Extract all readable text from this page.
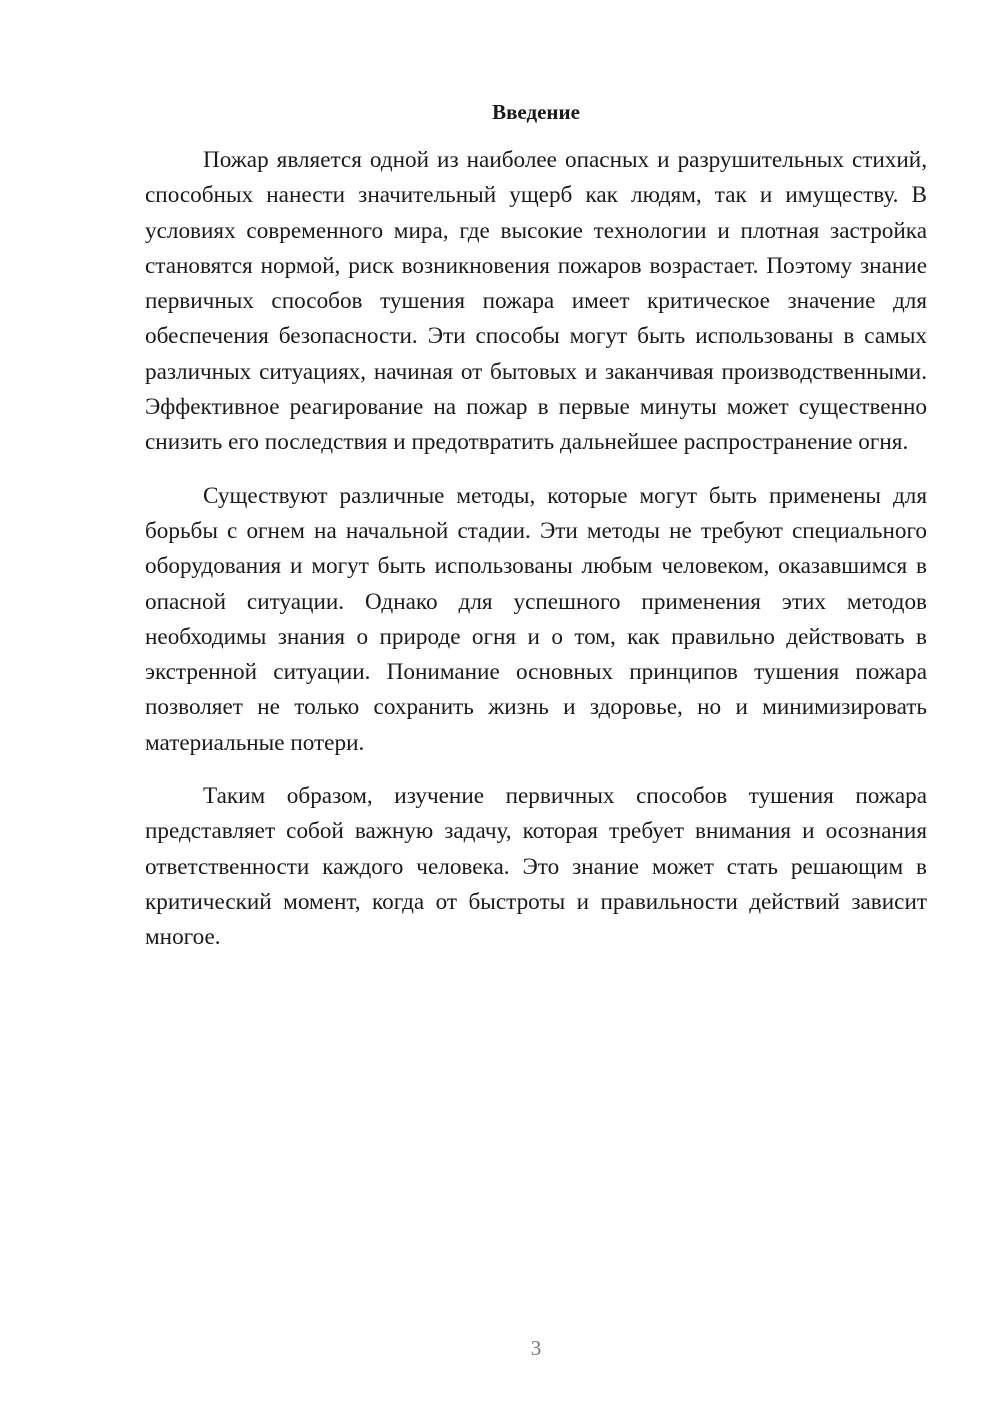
Введение

Пожар является одной из наиболее опасных и разрушительных стихий, способных нанести значительный ущерб как людям, так и имуществу. В условиях современного мира, где высокие технологии и плотная застройка становятся нормой, риск возникновения пожаров возрастает. Поэтому знание первичных способов тушения пожара имеет критическое значение для обеспечения безопасности. Эти способы могут быть использованы в самых различных ситуациях, начиная от бытовых и заканчивая производственными. Эффективное реагирование на пожар в первые минуты может существенно снизить его последствия и предотвратить дальнейшее распространение огня.

Существуют различные методы, которые могут быть применены для борьбы с огнем на начальной стадии. Эти методы не требуют специального оборудования и могут быть использованы любым человеком, оказавшимся в опасной ситуации. Однако для успешного применения этих методов необходимы знания о природе огня и о том, как правильно действовать в экстренной ситуации. Понимание основных принципов тушения пожара позволяет не только сохранить жизнь и здоровье, но и минимизировать материальные потери.

Таким образом, изучение первичных способов тушения пожара представляет собой важную задачу, которая требует внимания и осознания ответственности каждого человека. Это знание может стать решающим в критический момент, когда от быстроты и правильности действий зависит многое.

3
